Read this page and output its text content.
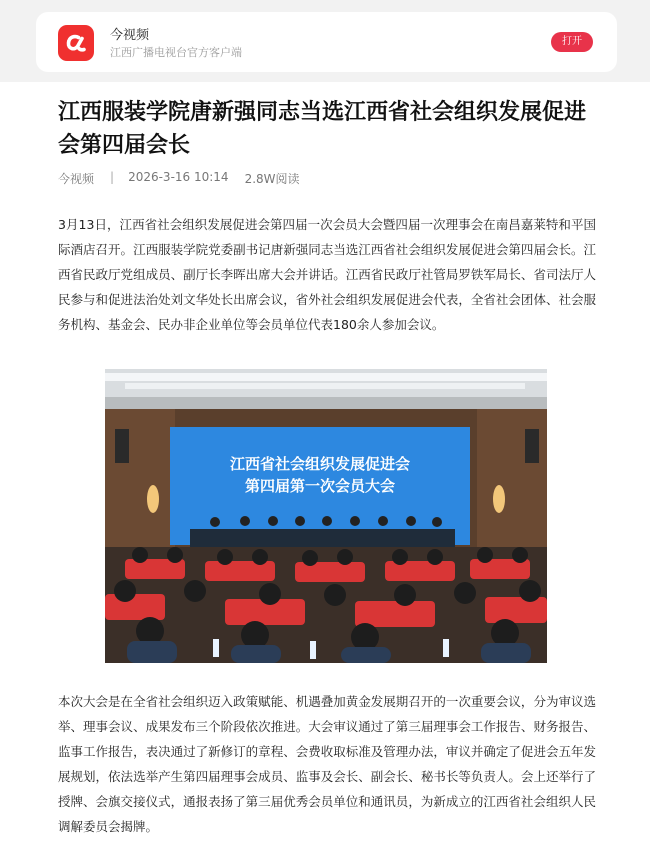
今视频
江西广播电视台官方客户端
打开
江西服装学院唐新强同志当选江西省社会组织发展促进会第四届会长
今视频 | 2026-3-16 10:14 2.8W阅读

3月13日，江西省社会组织发展促进会第四届一次会员大会暨四届一次理事会在南昌嘉莱特和平国际酒店召开。江西服装学院党委副书记唐新强同志当选江西省社会组织发展促进会第四届会长。江西省民政厅党组成员、副厅长李晖出席大会并讲话。江西省民政厅社管局罗铁军局长、省司法厅人民参与和促进法治处刘文华处长出席会议，省外社会组织发展促进会代表，全省社会团体、社会服务机构、基金会、民办非企业单位等会员单位代表180余人参加会议。

江西省社会组织发展促进会
第四届第一次会员大会

本次大会是在全省社会组织迈入政策赋能、机遇叠加黄金发展期召开的一次重要会议，分为审议选举、理事会议、成果发布三个阶段依次推进。大会审议通过了第三届理事会工作报告、财务报告、监事工作报告，表决通过了新修订的章程、会费收取标准及管理办法，审议并确定了促进会五年发展规划，依法选举产生第四届理事会成员、监事及会长、副会长、秘书长等负责人。会上还举行了授牌、会旗交接仪式，通报表扬了第三届优秀会员单位和通讯员，为新成立的江西省社会组织人民调解委员会揭牌。
